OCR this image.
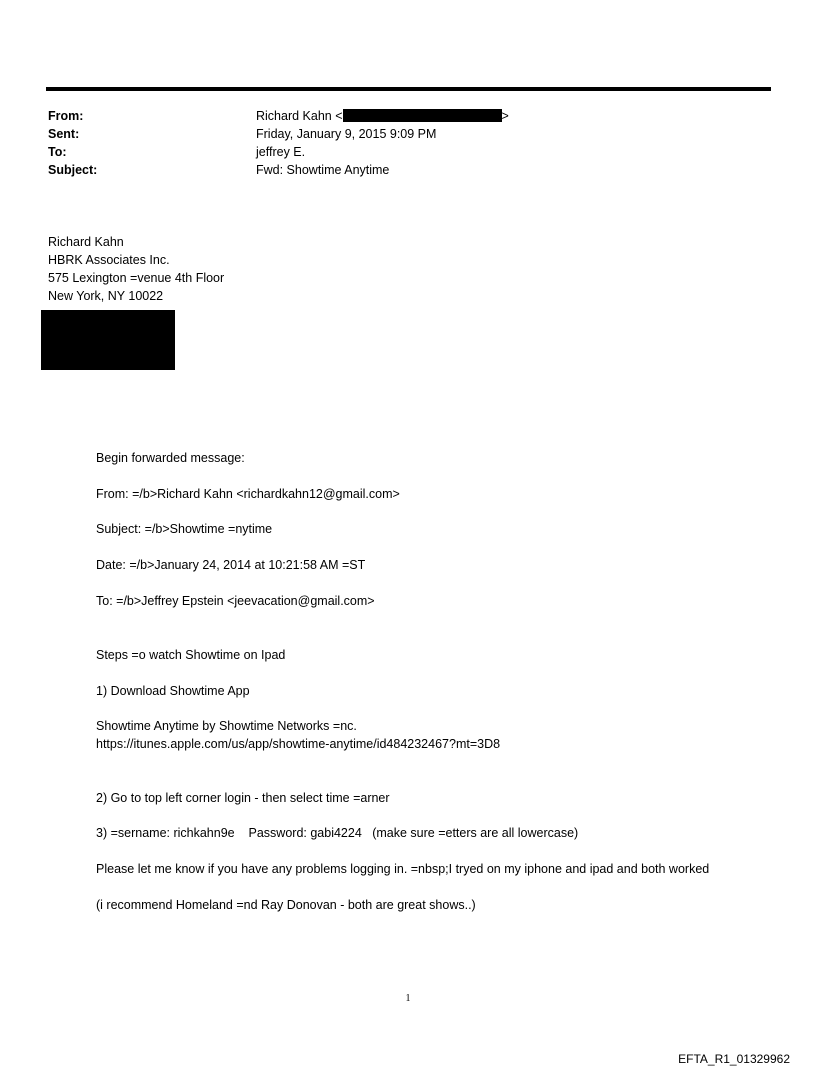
From:
Sent:
To:
Subject:
Richard Kahn <	>
Friday, January 9, 2015 9:09 PM
jeffrey E.
Fwd: Showtime Anytime
Richard Kahn
HBRK Associates Inc.
575 Lexington =venue 4th Floor
New York, NY 10022
Begin forwarded message:
From: =/b>Richard Kahn <richardkahn12@gmail.com>
Subject: =/b>Showtime =nytime
Date: =/b>January 24, 2014 at 10:21:58 AM =ST
To: =/b>Jeffrey Epstein <jeevacation@gmail.com>
Steps =o watch Showtime on Ipad
1) Download Showtime App
Showtime Anytime by Showtime Networks =nc.
https://itunes.apple.com/us/app/showtime-anytime/id484232467?mt=3D8
2) Go to top left corner login - then select time =arner
3) =sername: richkahn9e    Password: gabi4224   (make sure =etters are all lowercase)
Please let me know if you have any problems logging in. =nbsp;I tryed on my iphone and ipad and both worked
(i recommend Homeland =nd Ray Donovan - both are great shows..)
1
EFTA_R1_01329962
